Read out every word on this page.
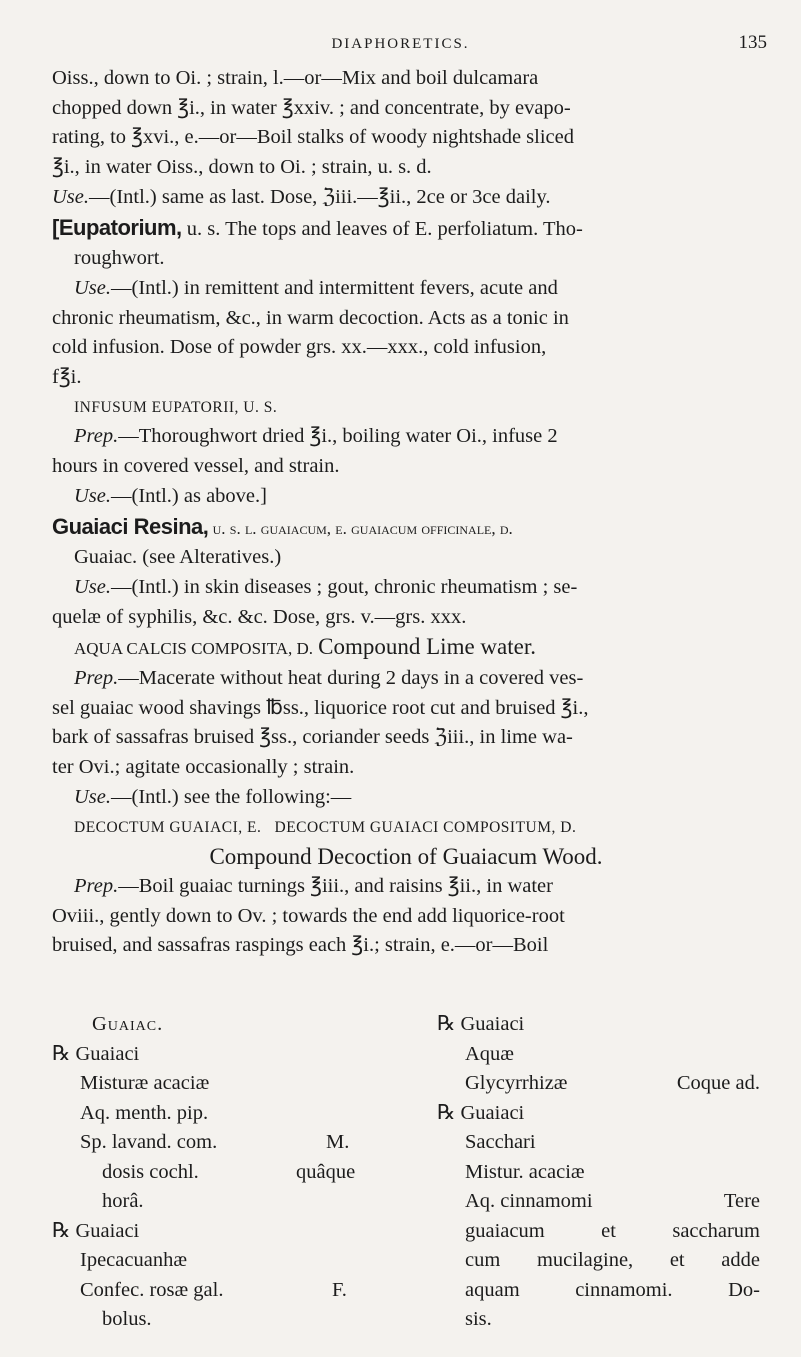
DIAPHORETICS.	135

Oiss., down to Oi. ; strain, l.—or—Mix and boil dulcamara

chopped down ℥i., in water ℥xxiv. ; and concentrate, by evapo-

rating, to ℥xvi., e.—or—Boil stalks of woody nightshade sliced

℥i., in water Oiss., down to Oi. ; strain, u. s. d.

Use.—(Intl.) same as last. Dose, ℨiii.—℥ii., 2ce or 3ce daily.

[Eupatorium, u. s. The tops and leaves of E. perfoliatum. Tho-

roughwort.

Use.—(Intl.) in remittent and intermittent fevers, acute and

chronic rheumatism, &c., in warm decoction. Acts as a tonic in

cold infusion. Dose of powder grs. xx.—xxx., cold infusion,

f℥i.

INFUSUM EUPATORII, U. S.

Prep.—Thoroughwort dried ℥i., boiling water Oi., infuse 2

hours in covered vessel, and strain.

Use.—(Intl.) as above.]

Guaiaci Resina, u. s. l. guaiacum, e. guaiacum officinale, d.

Guaiac. (see Alteratives.)

Use.—(Intl.) in skin diseases ; gout, chronic rheumatism ; se-

quelæ of syphilis, &c. &c. Dose, grs. v.—grs. xxx.

AQUA CALCIS COMPOSITA, D. Compound Lime water.

Prep.—Macerate without heat during 2 days in a covered ves-

sel guaiac wood shavings ℔ss., liquorice root cut and bruised ℥i.,

bark of sassafras bruised ℥ss., coriander seeds ℨiii., in lime wa-

ter Ovi.; agitate occasionally ; strain.

Use.—(Intl.) see the following:—

DECOCTUM GUAIACI, E.   DECOCTUM GUAIACI COMPOSITUM, D.

Compound Decoction of Guaiacum Wood.

Prep.—Boil guaiac turnings ℥iii., and raisins ℥ii., in water

Oviii., gently down to Ov. ; towards the end add liquorice-root

bruised, and sassafras raspings each ℥i.; strain, e.—or—Boil

Guaiac.
℞ Guaiaci
Misturæ acaciæ
Aq. menth. pip.
Sp. lavand. com.
dosis cochl.
horâ.
℞ Guaiaci
Ipecacuanhæ
Confec. rosæ gal.
bolus.
M.
quâque
F.
℞ Guaiaci
Aquæ
Glycyrrhizæ	Coque ad.
℞ Guaiaci
Sacchari
Mistur. acaciæ
Aq. cinnamomi	Tere
guaiacum et saccharum
cum mucilagine, et adde
aquam cinnamomi. Do-
sis.
